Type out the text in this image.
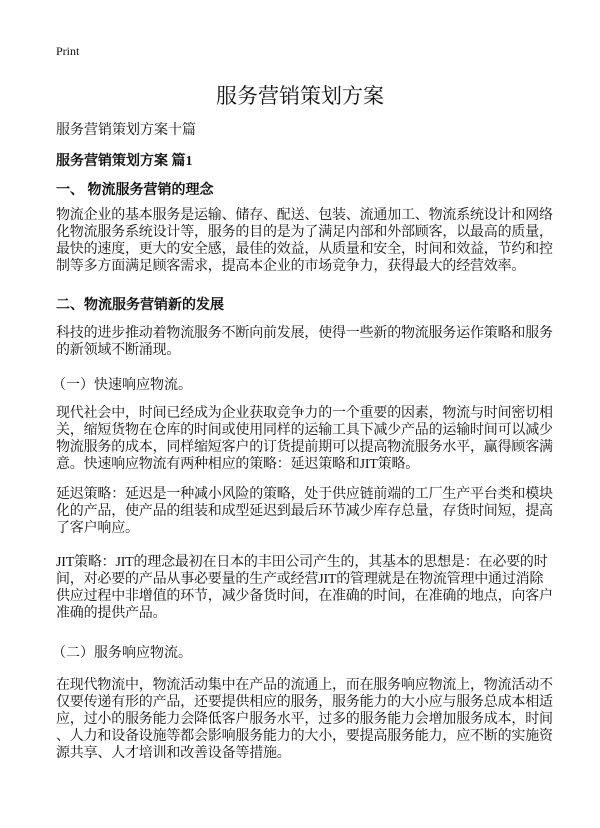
Print
服务营销策划方案
服务营销策划方案十篇
服务营销策划方案 篇1
一、 物流服务营销的理念
物流企业的基本服务是运输、储存、配送、包装、流通加工、物流系统设计和网络
化物流服务系统设计等，服务的目的是为了满足内部和外部顾客，以最高的质量，
最快的速度，更大的安全感，最佳的效益，从质量和安全，时间和效益，节约和控
制等多方面满足顾客需求，提高本企业的市场竞争力，获得最大的经营效率。
二、物流服务营销新的发展
科技的进步推动着物流服务不断向前发展，使得一些新的物流服务运作策略和服务
的新领域不断涌现。
（一）快速响应物流。
现代社会中，时间已经成为企业获取竞争力的一个重要的因素，物流与时间密切相
关，缩短货物在仓库的时间或使用同样的运输工具下减少产品的运输时间可以减少
物流服务的成本，同样缩短客户的订货提前期可以提高物流服务水平，赢得顾客满
意。快速响应物流有两种相应的策略：延迟策略和JIT策略。
延迟策略：延迟是一种减小风险的策略，处于供应链前端的工厂生产平台类和模块
化的产品，使产品的组装和成型延迟到最后环节减少库存总量，存货时间短，提高
了客户响应。
JIT策略：JIT的理念最初在日本的丰田公司产生的，其基本的思想是：在必要的时
间，对必要的产品从事必要量的生产或经营JIT的管理就是在物流管理中通过消除
供应过程中非增值的环节，减少备货时间，在准确的时间，在准确的地点，向客户
准确的提供产品。
（二）服务响应物流。
在现代物流中，物流活动集中在产品的流通上，而在服务响应物流上，物流活动不
仅要传递有形的产品，还要提供相应的服务，服务能力的大小应与服务总成本相适
应，过小的服务能力会降低客户服务水平，过多的服务能力会增加服务成本，时间
、人力和设备设施等都会影响服务能力的大小，要提高服务能力，应不断的实施资
源共享、人才培训和改善设备等措施。
